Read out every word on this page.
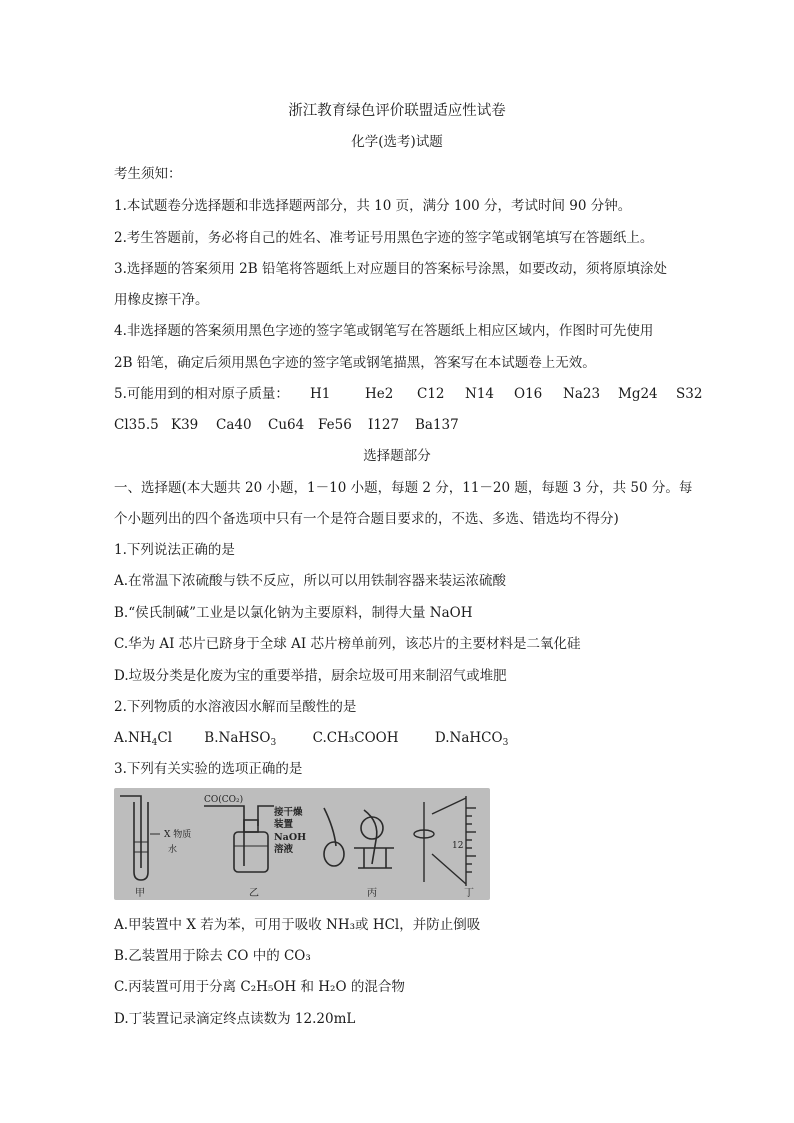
浙江教育绿色评价联盟适应性试卷
化学(选考)试题
考生须知：
1.本试题卷分选择题和非选择题两部分，共 10 页，满分 100 分，考试时间 90 分钟。
2.考生答题前，务必将自己的姓名、准考证号用黑色字迹的签字笔或钢笔填写在答题纸上。
3.选择题的答案须用 2B 铅笔将答题纸上对应题目的答案标号涂黑，如要改动，须将原填涂处
用橡皮擦干净。
4.非选择题的答案须用黑色字迹的签字笔或钢笔写在答题纸上相应区域内，作图时可先使用
2B 铅笔，确定后须用黑色字迹的签字笔或钢笔描黑，答案写在本试题卷上无效。
5.可能用到的相对原子质量：	H1	He2	C12	N14	O16	Na23	Mg24	S32
Cl35.5 K39	Ca40	Cu64	Fe56	I127	Ba137
选择题部分
一、选择题(本大题共 20 小题，1－10 小题，每题 2 分，11－20 题，每题 3 分，共 50 分。每
个小题列出的四个备选项中只有一个是符合题目要求的，不选、多选、错选均不得分)
1.下列说法正确的是
A.在常温下浓硫酸与铁不反应，所以可以用铁制容器来装运浓硫酸
B.“侯氏制碱”工业是以氯化钠为主要原料，制得大量 NaOH
C.华为 AI 芯片已跻身于全球 AI 芯片榜单前列，该芯片的主要材料是二氧化硅
D.垃圾分类是化废为宝的重要举措，厨余垃圾可用来制沼气或堆肥
2.下列物质的水溶液因水解而呈酸性的是
$A.NH_4Cl$ B.NaHSO$_3$	C.CH₃COOH	D.NaHCO$_3$
3.下列有关实验的选项正确的是
X 物质
水
CO(CO₂)
接干燥
装置
NaOH
溶液	12
甲	乙	丙	丁
A.甲装置中 X 若为苯，可用于吸收 NH₃或 HCl，并防止倒吸
B.乙装置用于除去 CO 中的 CO₃
C.丙装置可用于分离 C₂H₅OH 和 H₂O 的混合物
D.丁装置记录滴定终点读数为 12.20mL
